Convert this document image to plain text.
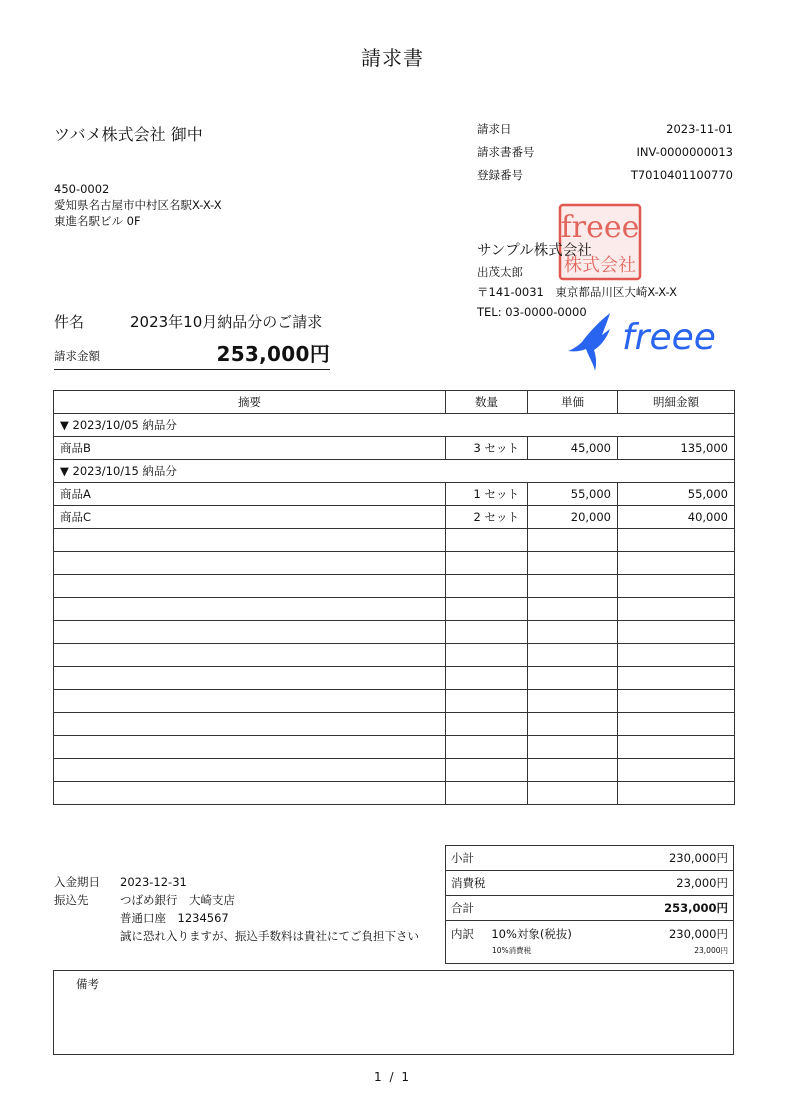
請求書
ツバメ株式会社 御中
450-0002
愛知県名古屋市中村区名駅X-X-X
東進名駅ビル 0F
請求日	2023-11-01
請求書番号	INV-0000000013
登録番号	T7010401100770
freee
株式会社
サンプル株式会社
出茂太郎
〒141-0031　東京都品川区大崎X-X-X
TEL: 03-0000-0000
freee
件名	2023年10月納品分のご請求
請求金額	253,000円
摘要	数量	単価	明細金額
▼ 2023/10/05 納品分			
商品B	3 セット	45,000	135,000
▼ 2023/10/15 納品分			
商品A	1 セット	55,000	55,000
商品C	2 セット	20,000	40,000

入金期日	2023-12-31
振込先	つばめ銀行　大崎支店
普通口座　1234567
誠に恐れ入りますが、振込手数料は貴社にてご負担下さい
小計	230,000円
消費税	23,000円
合計	253,000円
内訳 10%対象(税抜)	230,000円
10%消費税	23,000円
備考
1 / 1
